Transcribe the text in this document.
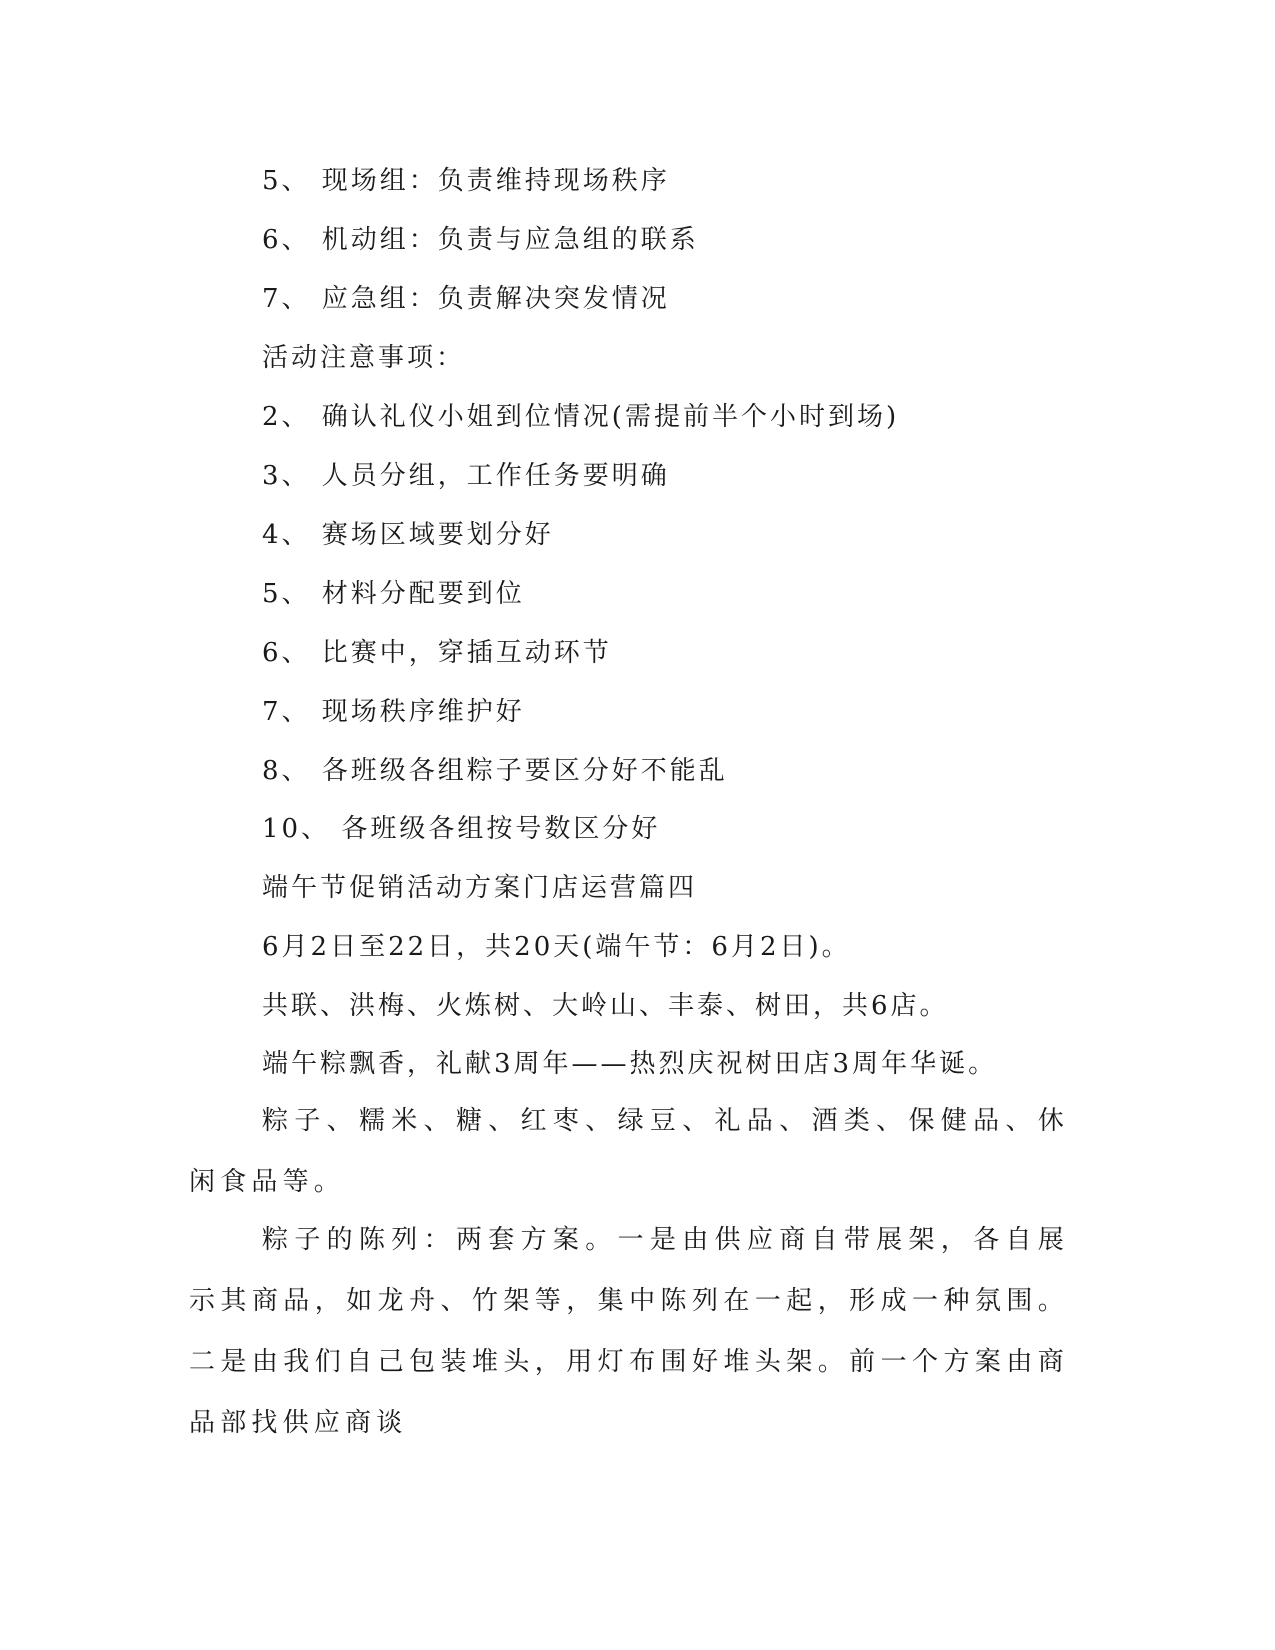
5、 现场组：负责维持现场秩序
6、 机动组：负责与应急组的联系
7、 应急组：负责解决突发情况
活动注意事项：
2、 确认礼仪小姐到位情况(需提前半个小时到场)
3、 人员分组，工作任务要明确
4、 赛场区域要划分好
5、 材料分配要到位
6、 比赛中，穿插互动环节
7、 现场秩序维护好
8、 各班级各组粽子要区分好不能乱
10、 各班级各组按号数区分好
端午节促销活动方案门店运营篇四
6月2日至22日，共20天(端午节：6月2日)。
共联、洪梅、火炼树、大岭山、丰泰、树田，共6店。
端午粽飘香，礼献3周年——热烈庆祝树田店3周年华诞。
粽子、糯米、糖、红枣、绿豆、礼品、酒类、保健品、休闲食品等。
粽子的陈列：两套方案。一是由供应商自带展架，各自展示其商品，如龙舟、竹架等，集中陈列在一起，形成一种氛围。二是由我们自己包装堆头，用灯布围好堆头架。前一个方案由商品部找供应商谈
